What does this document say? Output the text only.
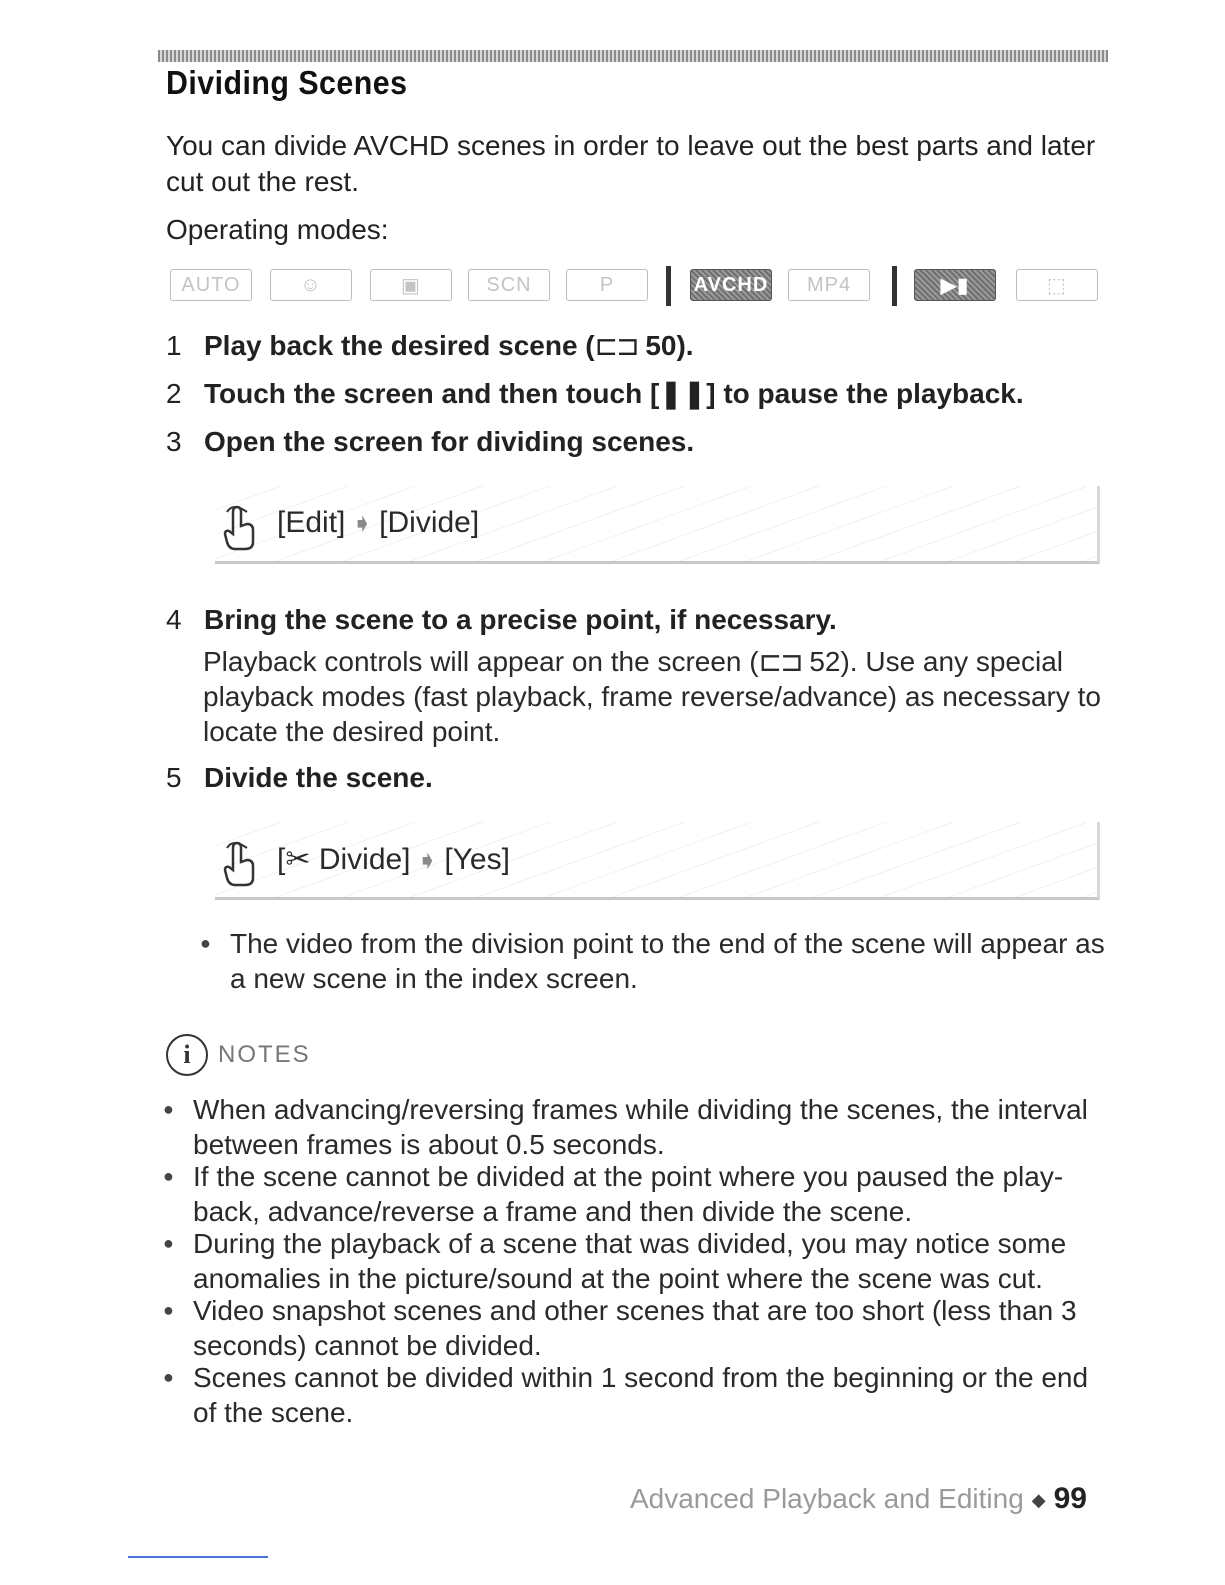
Dividing Scenes

You can divide AVCHD scenes in order to leave out the best parts and later cut out the rest.

Operating modes:

AUTO	☺	▣	SCN	P	AVCHD	MP4	▶▮	⬚

1 Play back the desired scene (⊏⊐ 50).

2 Touch the screen and then touch [❚❚] to pause the playback.

3 Open the screen for dividing scenes.

[Edit] ➧ [Divide]

4 Bring the scene to a precise point, if necessary.

Playback controls will appear on the screen (⊏⊐ 52). Use any special playback modes (fast playback, frame reverse/advance) as necessary to locate the desired point.

5 Divide the scene.

[✂ Divide] ➧ [Yes]

● The video from the division point to the end of the scene will appear as a new scene in the index screen.

i	NOTES

● When advancing/reversing frames while dividing the scenes, the interval between frames is about 0.5 seconds.

● If the scene cannot be divided at the point where you paused the play-back, advance/reverse a frame and then divide the scene.

● During the playback of a scene that was divided, you may notice some anomalies in the picture/sound at the point where the scene was cut.

● Video snapshot scenes and other scenes that are too short (less than 3 seconds) cannot be divided.

● Scenes cannot be divided within 1 second from the beginning or the end of the scene.

Advanced Playback and Editing ◆ 99
